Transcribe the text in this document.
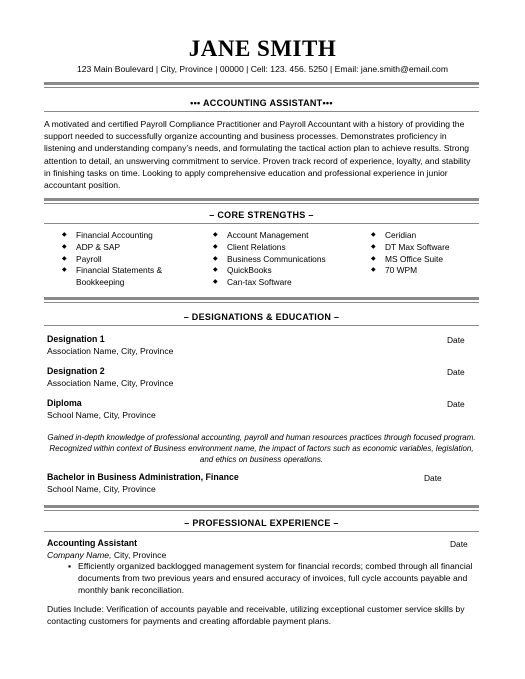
JANE SMITH
123 Main Boulevard | City, Province | 00000 | Cell: 123. 456. 5250 | Email: jane.smith@email.com
••• ACCOUNTING ASSISTANT•••
A motivated and certified Payroll Compliance Practitioner and Payroll Accountant with a history of providing the support needed to successfully organize accounting and business processes. Demonstrates proficiency in listening and understanding company’s needs, and formulating the tactical action plan to achieve results. Strong attention to detail, an unswerving commitment to service. Proven track record of experience, loyalty, and stability in finishing tasks on time. Looking to apply comprehensive education and professional experience in junior accountant position.
– CORE STRENGTHS –
◆ Financial Accounting
◆ ADP & SAP
◆ Payroll
◆ Financial Statements & Bookkeeping
◆ Account Management
◆ Client Relations
◆ Business Communications
◆ QuickBooks
◆ Can-tax Software
◆ Ceridian
◆ DT Max Software
◆ MS Office Suite
◆ 70 WPM
– DESIGNATIONS & EDUCATION –
Designation 1
Association Name, City, Province
Date
Designation 2
Association Name, City, Province
Date
Diploma
School Name, City, Province
Date
Gained in-depth knowledge of professional accounting, payroll and human resources practices through focused program. Recognized within context of Business environment name, the impact of factors such as economic variables, legislation, and ethics on business operations.
Bachelor in Business Administration, Finance
School Name, City, Province
Date
– PROFESSIONAL EXPERIENCE –
Accounting Assistant	Date
Company Name, City, Province
▪ Efficiently organized backlogged management system for financial records; combed through all financial documents from two previous years and ensured accuracy of invoices, full cycle accounts payable and monthly bank reconciliation.
Duties Include: Verification of accounts payable and receivable, utilizing exceptional customer service skills by contacting customers for payments and creating affordable payment plans.
